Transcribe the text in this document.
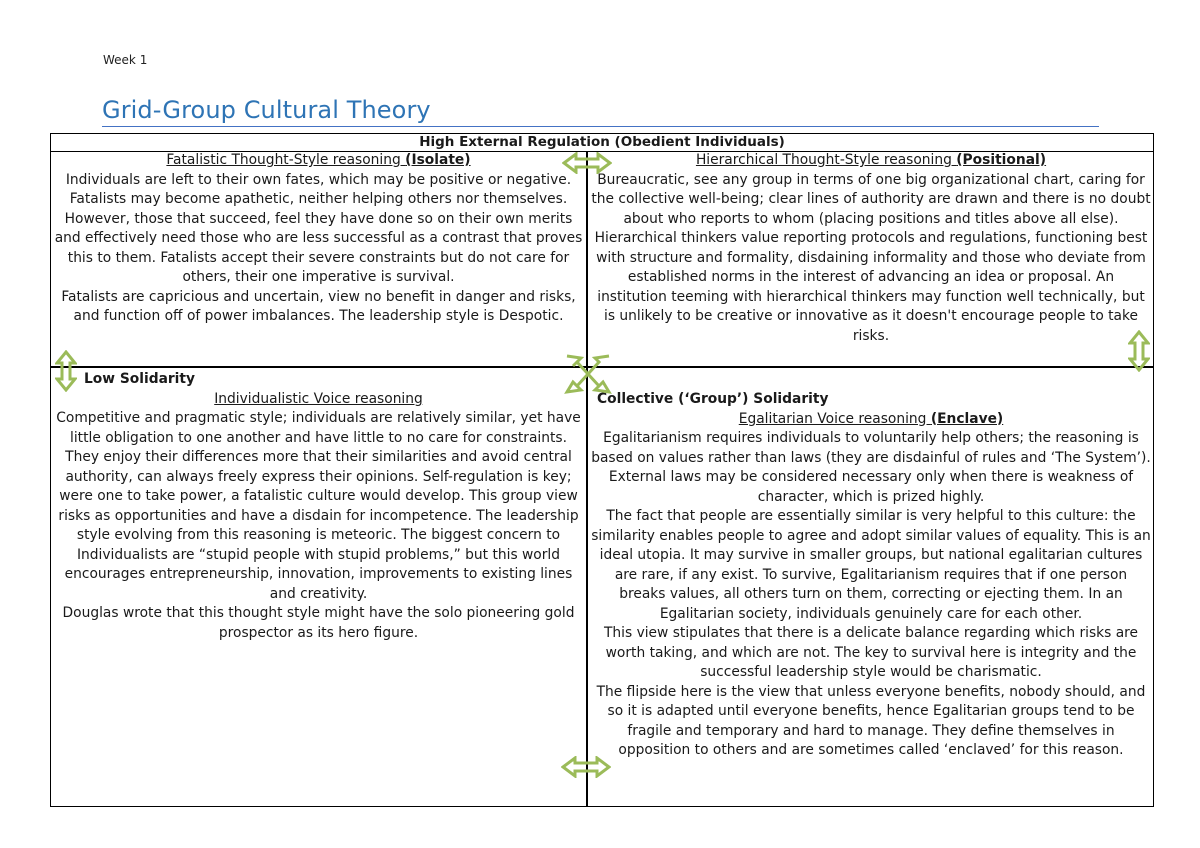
Week 1
Grid-Group Cultural Theory
High External Regulation (Obedient Individuals)

Fatalistic Thought-Style reasoning (Isolate)

Individuals are left to their own fates, which may be positive or negative. Fatalists may become apathetic, neither helping others nor themselves. However, those that succeed, feel they have done so on their own merits and effectively need those who are less successful as a contrast that proves this to them. Fatalists accept their severe constraints but do not care for others, their one imperative is survival.

Fatalists are capricious and uncertain, view no benefit in danger and risks, and function off of power imbalances. The leadership style is Despotic.

Hierarchical Thought-Style reasoning (Positional)

Bureaucratic, see any group in terms of one big organizational chart, caring for the collective well-being; clear lines of authority are drawn and there is no doubt about who reports to whom (placing positions and titles above all else). Hierarchical thinkers value reporting protocols and regulations, functioning best with structure and formality, disdaining informality and those who deviate from established norms in the interest of advancing an idea or proposal. An institution teeming with hierarchical thinkers may function well technically, but is unlikely to be creative or innovative as it doesn't encourage people to take risks.

Low Solidarity

Individualistic Voice reasoning

Competitive and pragmatic style; individuals are relatively similar, yet have little obligation to one another and have little to no care for constraints. They enjoy their differences more that their similarities and avoid central authority, can always freely express their opinions. Self-regulation is key; were one to take power, a fatalistic culture would develop. This group view risks as opportunities and have a disdain for incompetence. The leadership style evolving from this reasoning is meteoric. The biggest concern to Individualists are “stupid people with stupid problems,” but this world encourages entrepreneurship, innovation, improvements to existing lines and creativity.

Douglas wrote that this thought style might have the solo pioneering gold prospector as its hero figure.

Collective (‘Group’) Solidarity

Egalitarian Voice reasoning (Enclave)

Egalitarianism requires individuals to voluntarily help others; the reasoning is based on values rather than laws (they are disdainful of rules and ‘The System’). External laws may be considered necessary only when there is weakness of character, which is prized highly.

The fact that people are essentially similar is very helpful to this culture: the similarity enables people to agree and adopt similar values of equality. This is an ideal utopia. It may survive in smaller groups, but national egalitarian cultures are rare, if any exist. To survive, Egalitarianism requires that if one person breaks values, all others turn on them, correcting or ejecting them. In an Egalitarian society, individuals genuinely care for each other.

This view stipulates that there is a delicate balance regarding which risks are worth taking, and which are not. The key to survival here is integrity and the successful leadership style would be charismatic.

The flipside here is the view that unless everyone benefits, nobody should, and so it is adapted until everyone benefits, hence Egalitarian groups tend to be fragile and temporary and hard to manage. They define themselves in opposition to others and are sometimes called ‘enclaved’ for this reason.
